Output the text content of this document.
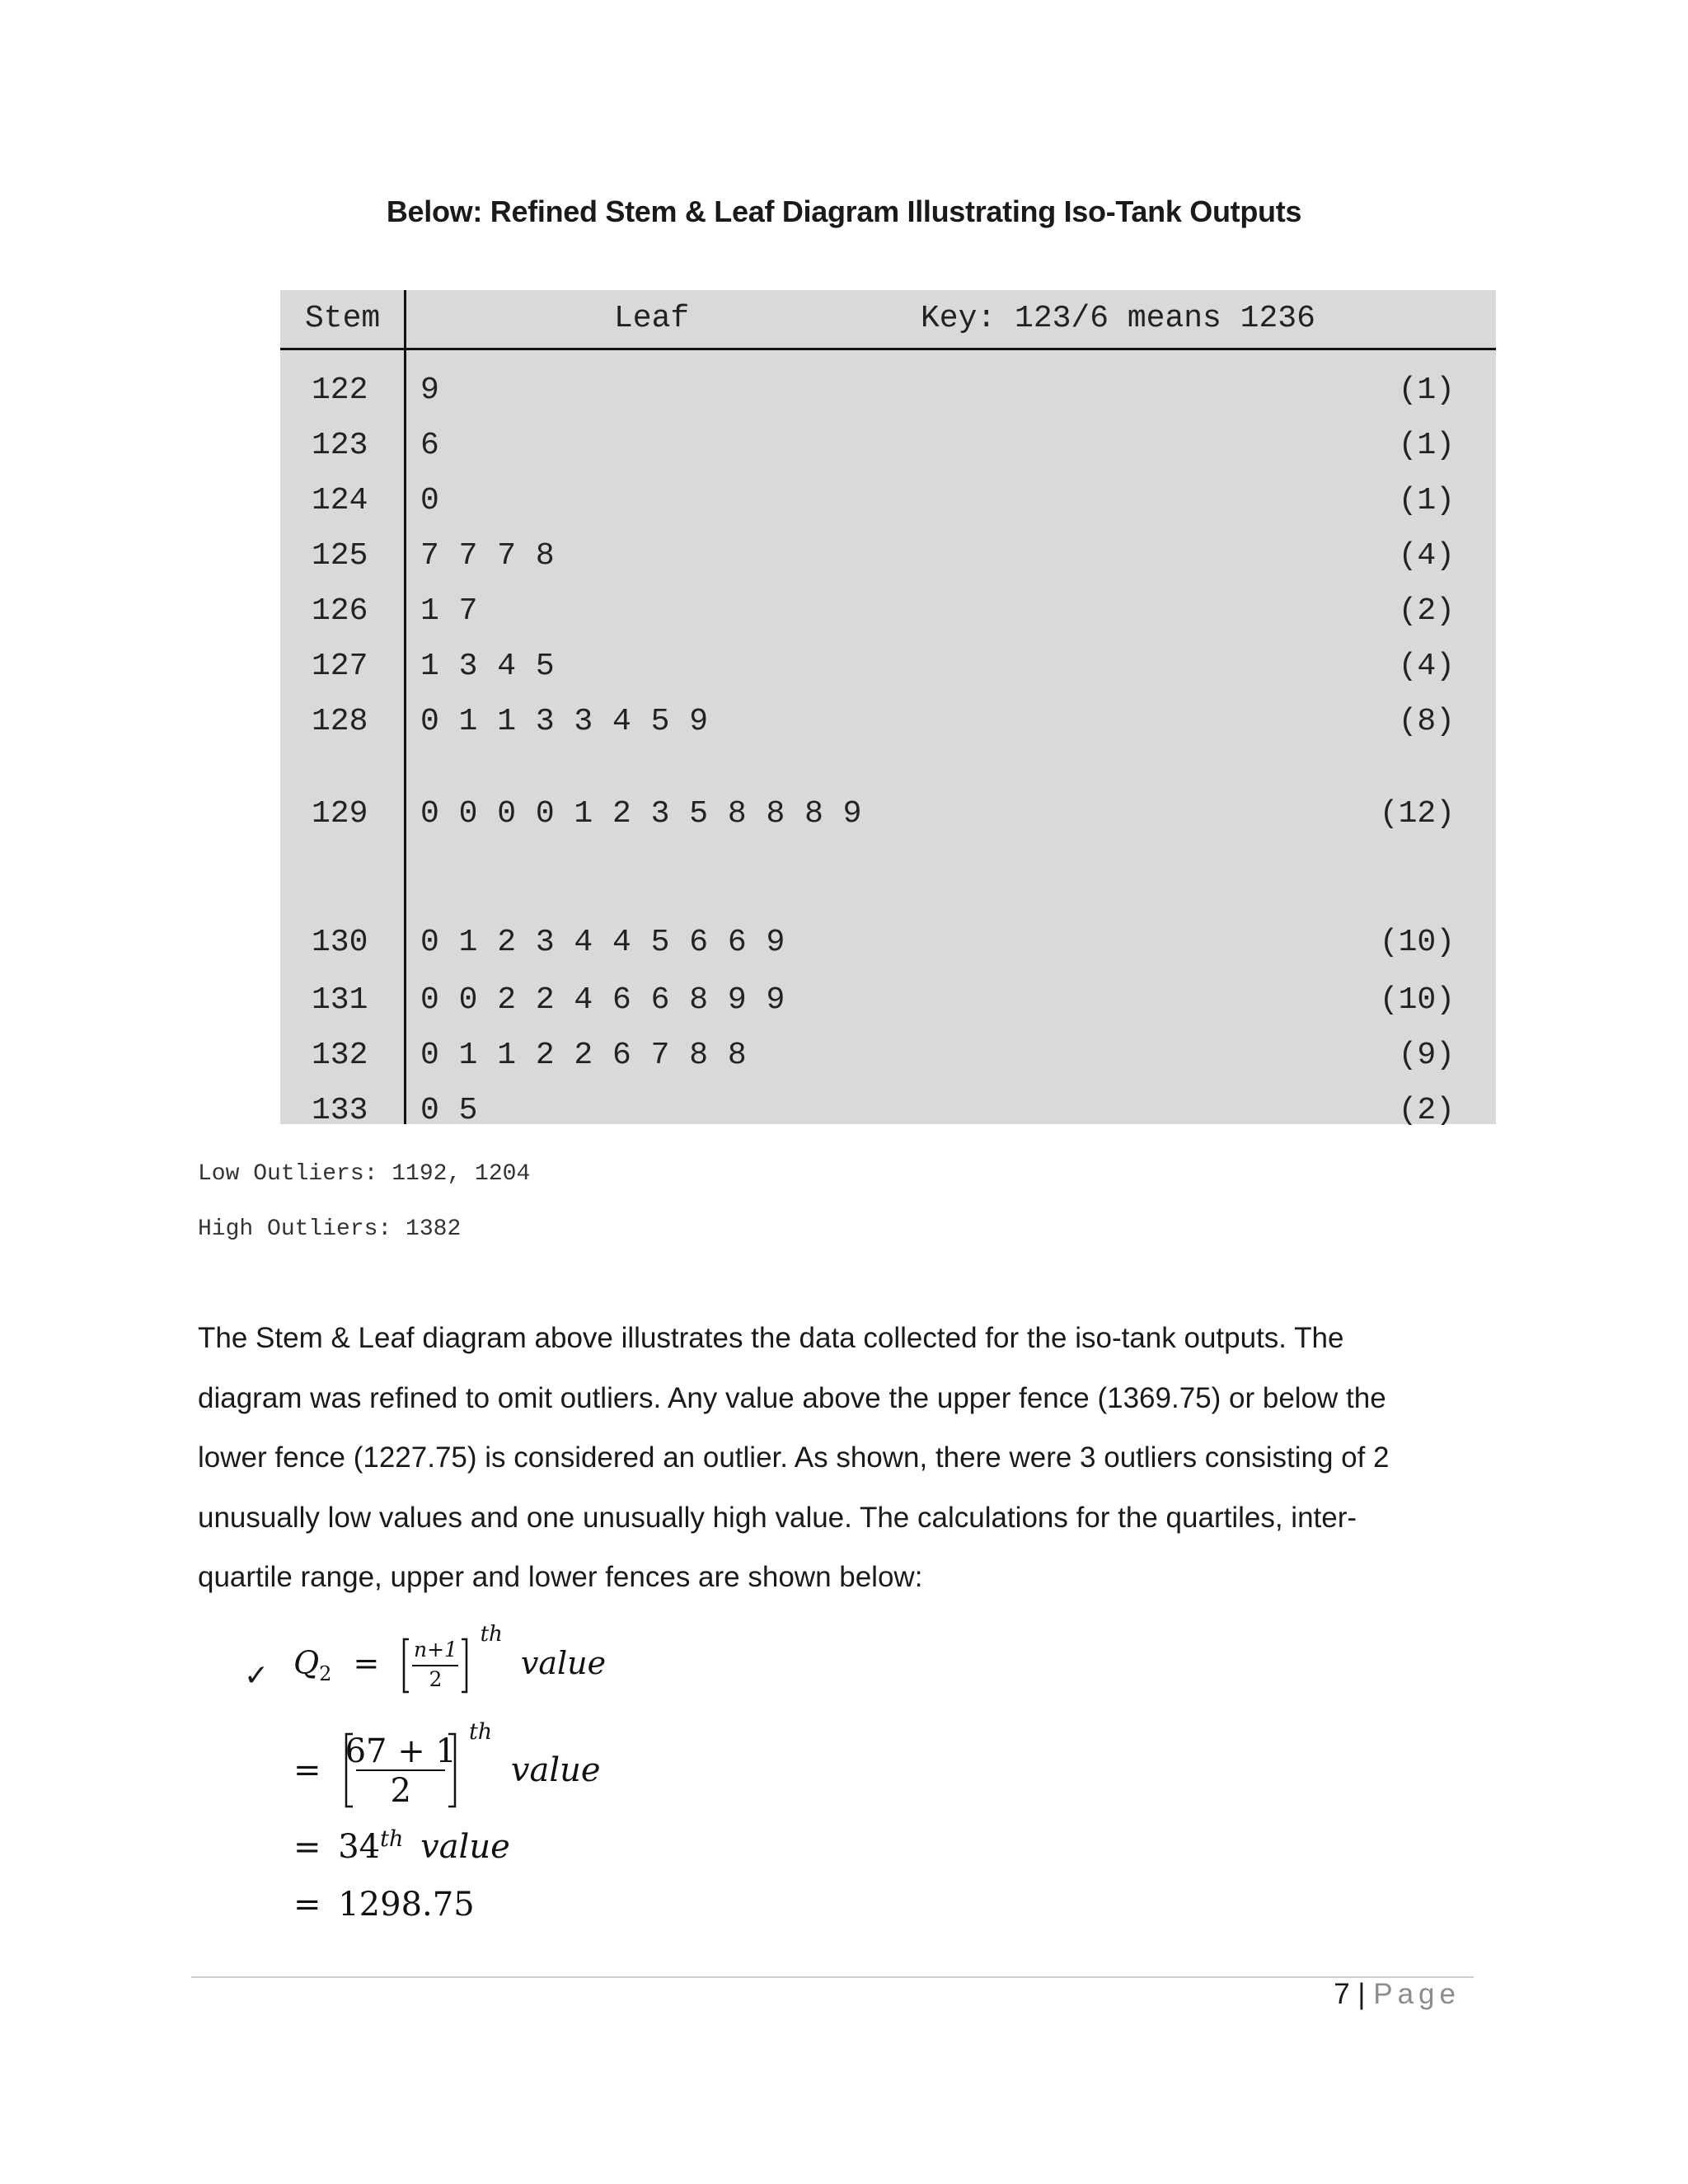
Below: Refined Stem & Leaf Diagram Illustrating Iso-Tank Outputs
Stem	Leaf	Key: 123/6 means 1236
122 9	(1)
123 6	(1)
124 0	(1)
125 7 7 7 8	(4)
126 1 7	(2)
127 1 3 4 5	(4)
128 0 1 1 3 3 4 5 9	(8)
129 0 0 0 0 1 2 3 5 8 8 8 9	(12)
130 0 1 2 3 4 4 5 6 6 9	(10)
131 0 0 2 2 4 6 6 8 9 9	(10)
132 0 1 1 2 2 6 7 8 8	(9)
133 0 5	(2)
Low Outliers: 1192, 1204
High Outliers: 1382
The Stem & Leaf diagram above illustrates the data collected for the iso-tank outputs. The diagram was refined to omit outliers. Any value above the upper fence (1369.75) or below the lower fence (1227.75) is considered an outlier. As shown, there were 3 outliers consisting of 2 unusually low values and one unusually high value. The calculations for the quartiles, inter-quartile range, upper and lower fences are shown below:
✓ $Q_2$ =	n+1
2
$^{th}$ value
= 67 + 1
2
$^{th}$ value
= 34th value
= 1298.75
7 | Page
